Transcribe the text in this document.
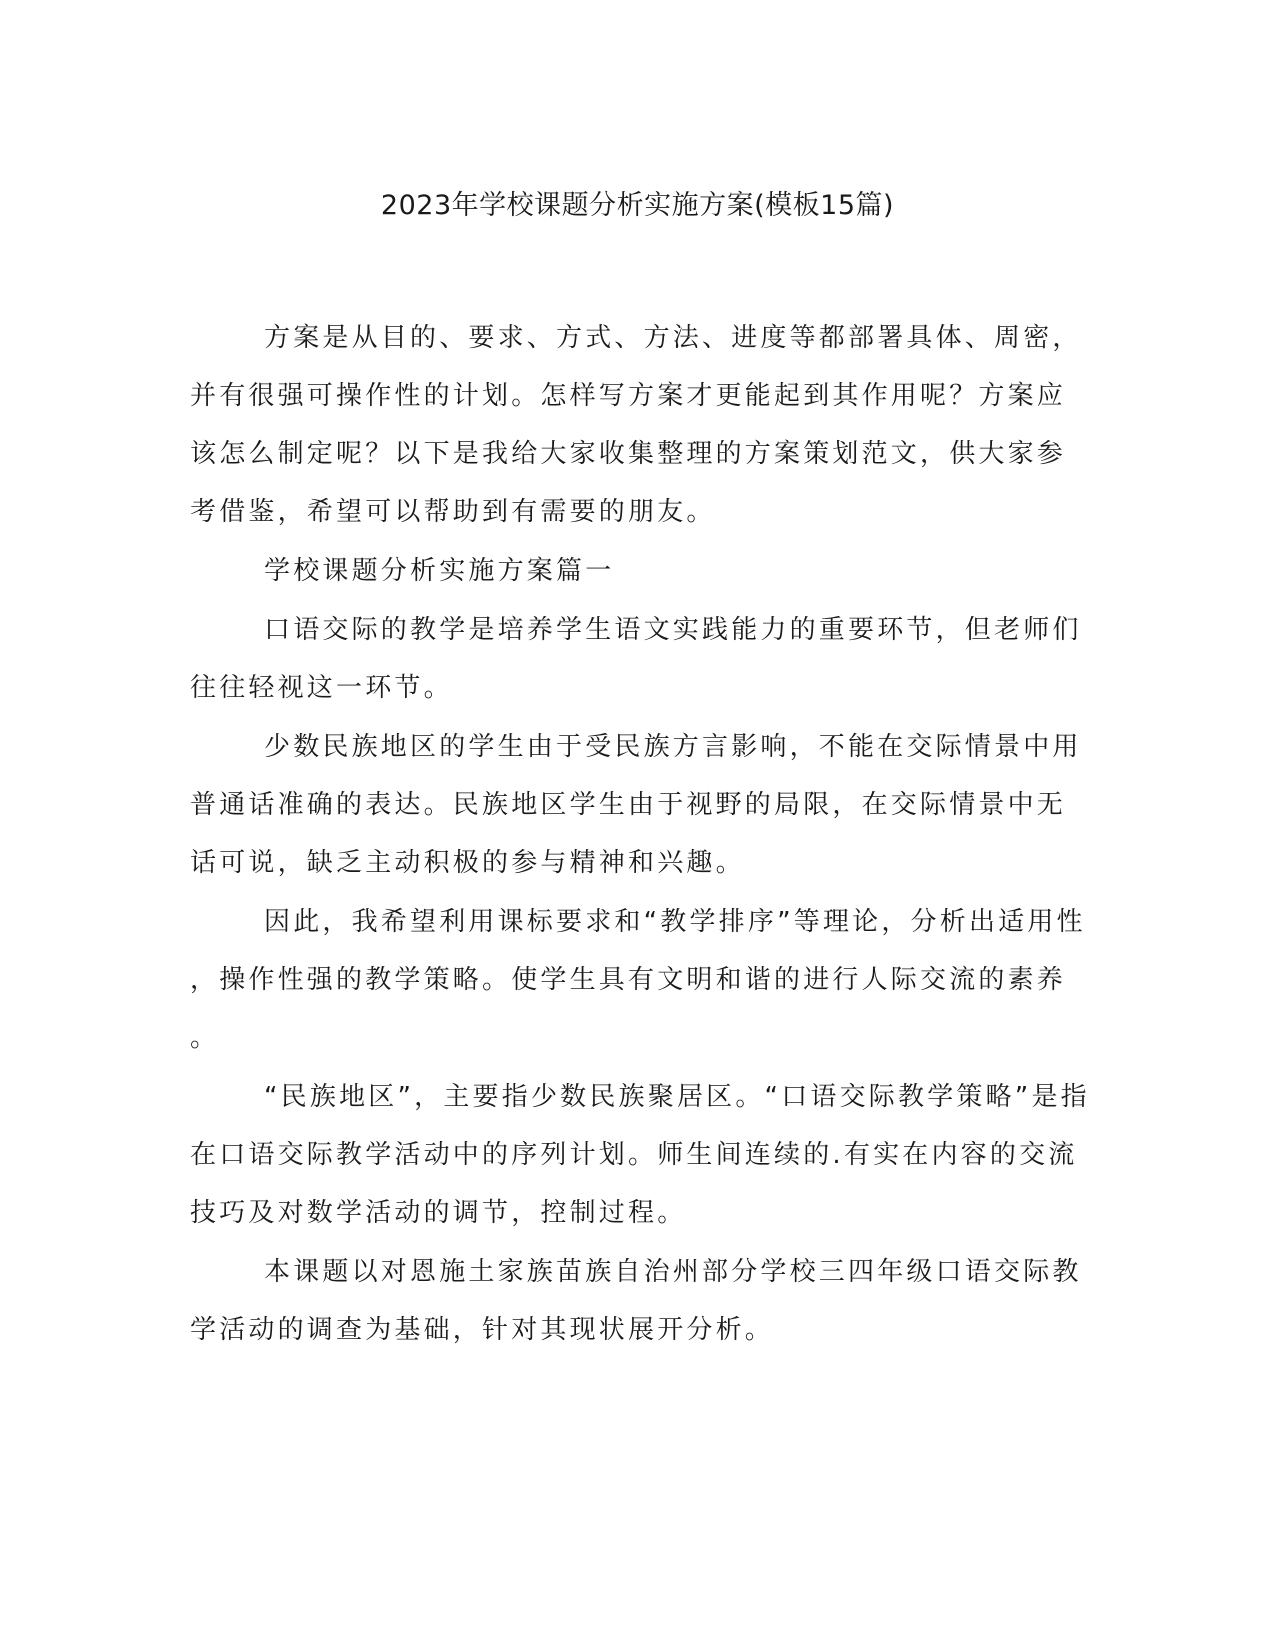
2023年学校课题分析实施方案(模板15篇)
方案是从目的、要求、方式、方法、进度等都部署具体、周密，
并有很强可操作性的计划。怎样写方案才更能起到其作用呢？方案应
该怎么制定呢？以下是我给大家收集整理的方案策划范文，供大家参
考借鉴，希望可以帮助到有需要的朋友。
学校课题分析实施方案篇一
口语交际的教学是培养学生语文实践能力的重要环节，但老师们
往往轻视这一环节。
少数民族地区的学生由于受民族方言影响，不能在交际情景中用
普通话准确的表达。民族地区学生由于视野的局限，在交际情景中无
话可说，缺乏主动积极的参与精神和兴趣。
因此，我希望利用课标要求和“教学排序”等理论，分析出适用性
，操作性强的教学策略。使学生具有文明和谐的进行人际交流的素养
。
“民族地区”，主要指少数民族聚居区。“口语交际教学策略”是指
在口语交际教学活动中的序列计划。师生间连续的.有实在内容的交流
技巧及对数学活动的调节，控制过程。
本课题以对恩施土家族苗族自治州部分学校三四年级口语交际教
学活动的调查为基础，针对其现状展开分析。
